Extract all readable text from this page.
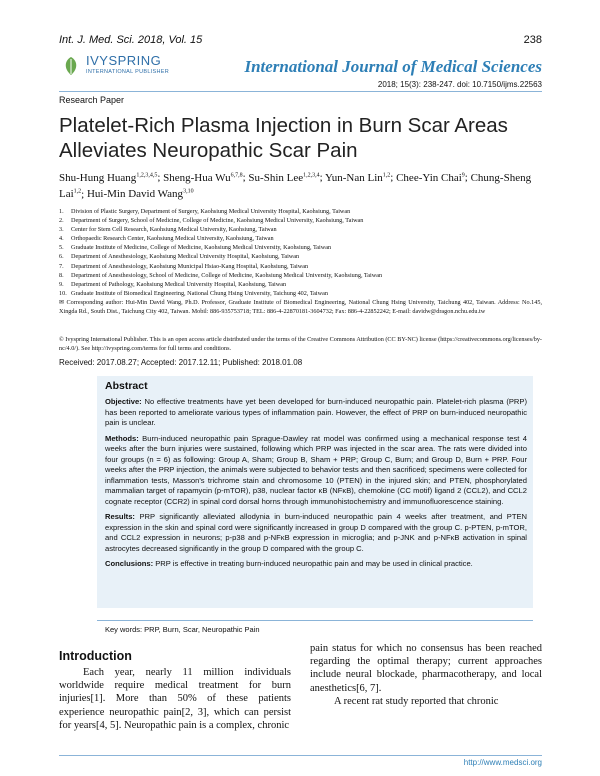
Int. J. Med. Sci. 2018, Vol. 15	238
IVYSPRING
INTERNATIONAL PUBLISHER	International Journal of Medical Sciences
2018; 15(3): 238-247. doi: 10.7150/ijms.22563
Research Paper
Platelet-Rich Plasma Injection in Burn Scar Areas Alleviates Neuropathic Scar Pain
Shu-Hung Huang$^{1,2,3,4,5}$; Sheng-Hua Wu$^{6,7,8}$; Su-Shin Lee$^{1,2,3,4}$; Yun-Nan Lin$^{1,2}$; Chee-Yin Chai$^9$; Chung-Sheng Lai$^{1,2}$; Hui-Min David Wang$^{3,10}$
1.	Division of Plastic Surgery, Department of Surgery, Kaohsiung Medical University Hospital, Kaohsiung, Taiwan
2.	Department of Surgery, School of Medicine, College of Medicine, Kaohsiung Medical University, Kaohsiung, Taiwan
3.	Center for Stem Cell Research, Kaohsiung Medical University, Kaohsiung, Taiwan
4.	Orthopaedic Research Center, Kaohsiung Medical University, Kaohsiung, Taiwan
5.	Graduate Institute of Medicine, College of Medicine, Kaohsiung Medical University, Kaohsiung, Taiwan
6.	Department of Anesthesiology, Kaohsiung Medical University Hospital, Kaohsiung, Taiwan
7.	Department of Anesthesiology, Kaohsiung Municipal Hsiao-Kang Hospital, Kaohsiung, Taiwan
8.	Department of Anesthesiology, School of Medicine, College of Medicine, Kaohsiung Medical University, Kaohsiung, Taiwan
9.	Department of Pathology, Kaohsiung Medical University Hospital, Kaohsiung, Taiwan
10. Graduate Institute of Biomedical Engineering, National Chung Hsing University, Taichung 402, Taiwan
✉ Corresponding author: Hui-Min David Wang, Ph.D. Professor, Graduate Institute of Biomedical Engineering, National Chung Hsing University, Taichung 402, Taiwan. Address: No.145, Xingda Rd., South Dist., Taichung City 402, Taiwan. Mobil: 886-935753718; TEL: 886-4-22870181-3604732; Fax: 886-4-22852242; E-mail: davidw@dragon.nchu.edu.tw
© Ivyspring International Publisher. This is an open access article distributed under the terms of the Creative Commons Attribution (CC BY-NC) license (https://creativecommons.org/licenses/by-nc/4.0/). See http://ivyspring.com/terms for full terms and conditions.
Received: 2017.08.27; Accepted: 2017.12.11; Published: 2018.01.08
Abstract

Objective: No effective treatments have yet been developed for burn-induced neuropathic pain. Platelet-rich plasma (PRP) has been reported to ameliorate various types of inflammation pain. However, the effect of PRP on burn-induced neuropathic pain is unclear.

Methods: Burn-induced neuropathic pain Sprague-Dawley rat model was confirmed using a mechanical response test 4 weeks after the burn injuries were sustained, following which PRP was injected in the scar area. The rats were divided into four groups (n = 6) as following: Group A, Sham; Group B, Sham + PRP; Group C, Burn; and Group D, Burn + PRP. Four weeks after the PRP injection, the animals were subjected to behavior tests and then sacrificed; specimens were collected for inflammation tests, Masson's trichrome stain and chromosome 10 (PTEN) in the injured skin; and PTEN, phosphorylated mammalian target of rapamycin (p-mTOR), p38, nuclear factor κB (NFκB), chemokine (CC motif) ligand 2 (CCL2), and CCL2 cognate receptor (CCR2) in spinal cord dorsal horns through immunohistochemistry and immunofluorescence staining.

Results: PRP significantly alleviated allodynia in burn-induced neuropathic pain 4 weeks after treatment, and PTEN expression in the skin and spinal cord were significantly increased in group D compared with the group C. p-PTEN, p-mTOR, and CCL2 expression in neurons; p-p38 and p-NFκB expression in microglia; and p-JNK and p-NFκB activation in spinal astrocytes decreased significantly in the group D compared with the group C.

Conclusions: PRP is effective in treating burn-induced neuropathic pain and may be used in clinical practice.

Key words: PRP, Burn, Scar, Neuropathic Pain
Introduction
Each year, nearly 11 million individuals worldwide require medical treatment for burn injuries[1]. More than 50% of these patients experience neuropathic pain[2, 3], which can persist for years[4, 5]. Neuropathic pain is a complex, chronic

pain status for which no consensus has been reached regarding the optimal therapy; current approaches include neural blockade, pharmacotherapy, and local anesthetics[6, 7].

A recent rat study reported that chronic

http://www.medsci.org
